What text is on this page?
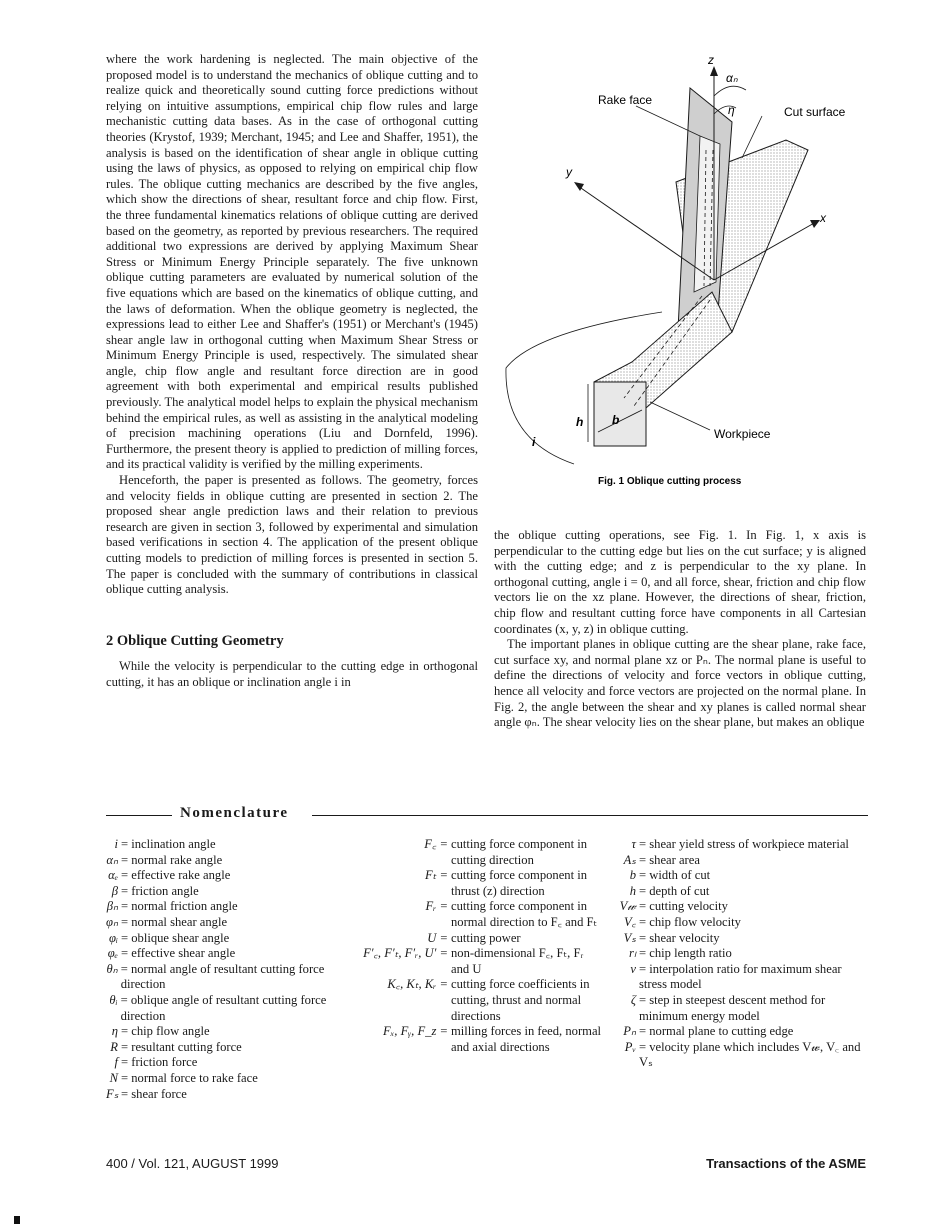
where the work hardening is neglected. The main objective of the proposed model is to understand the mechanics of oblique cutting and to realize quick and theoretically sound cutting force predictions without relying on intuitive assumptions, empirical chip flow rules and large mechanistic cutting data bases. As in the case of orthogonal cutting theories (Krystof, 1939; Merchant, 1945; and Lee and Shaffer, 1951), the analysis is based on the identification of shear angle in oblique cutting using the laws of physics, as opposed to relying on empirical chip flow rules. The oblique cutting mechanics are described by the five angles, which show the directions of shear, resultant force and chip flow. First, the three fundamental kinematics relations of oblique cutting are derived based on the geometry, as reported by previous researchers. The required additional two expressions are derived by applying Maximum Shear Stress or Minimum Energy Principle separately. The five unknown oblique cutting parameters are evaluated by numerical solution of the five equations which are based on the kinematics of oblique cutting, and the laws of deformation. When the oblique geometry is neglected, the expressions lead to either Lee and Shaffer's (1951) or Merchant's (1945) shear angle law in orthogonal cutting when Maximum Shear Stress or Minimum Energy Principle is used, respectively. The simulated shear angle, chip flow angle and resultant force direction are in good agreement with both experimental and empirical results published previously. The analytical model helps to explain the physical mechanism behind the empirical rules, as well as assisting in the analytical modeling of precision machining operations (Liu and Dornfeld, 1996). Furthermore, the present theory is applied to prediction of milling forces, and its practical validity is verified by the milling experiments.

Henceforth, the paper is presented as follows. The geometry, forces and velocity fields in oblique cutting are presented in section 2. The proposed shear angle prediction laws and their relation to previous research are given in section 3, followed by experimental and simulation based verifications in section 4. The application of the present oblique cutting models to prediction of milling forces is presented in section 5. The paper is concluded with the summary of contributions in classical oblique cutting analysis.

2 Oblique Cutting Geometry

While the velocity is perpendicular to the cutting edge in orthogonal cutting, it has an oblique or inclination angle i in

z
αₙ
Rake face
η	Cut surface
y
x
Workpiece
i
h b
Fig. 1 Oblique cutting process

the oblique cutting operations, see Fig. 1. In Fig. 1, x axis is perpendicular to the cutting edge but lies on the cut surface; y is aligned with the cutting edge; and z is perpendicular to the xy plane. In orthogonal cutting, angle i = 0, and all force, shear, friction and chip flow vectors lie on the xz plane. However, the directions of shear, friction, chip flow and resultant cutting force have components in all Cartesian coordinates (x, y, z) in oblique cutting.

The important planes in oblique cutting are the shear plane, rake face, cut surface xy, and normal plane xz or Pₙ. The normal plane is useful to define the directions of velocity and force vectors in oblique cutting, hence all velocity and force vectors are projected on the normal plane. In Fig. 2, the angle between the shear and xy planes is called normal shear angle φₙ. The shear velocity lies on the shear plane, but makes an oblique

Nomenclature
i = inclination angle
αₙ = normal rake angle
αₑ = effective rake angle
β = friction angle
βₙ = normal friction angle
φₙ = normal shear angle
φᵢ = oblique shear angle
φₑ = effective shear angle
θₙ = normal angle of resultant cutting force direction
θᵢ = oblique angle of resultant cutting force direction
η = chip flow angle
R = resultant cutting force
f = friction force
N = normal force to rake face
Fₛ = shear force
F꜀ = cutting force component in cutting direction
Fₜ = cutting force component in thrust (z) direction
Fᵣ = cutting force component in normal direction to F꜀ and Fₜ
U = cutting power
F′꜀, F′ₜ, F′ᵣ, U′ = non-dimensional F꜀, Fₜ, Fᵣ and U
K꜀, Kₜ, Kᵣ = cutting force coefficients in cutting, thrust and normal directions
Fₓ, Fᵧ, F_z = milling forces in feed, normal and axial directions
τ = shear yield stress of workpiece material
Aₛ = shear area
b = width of cut
h = depth of cut
V𝓌 = cutting velocity
V꜀ = chip flow velocity
Vₛ = shear velocity
rₗ = chip length ratio
ν = interpolation ratio for maximum shear stress model
ζ = step in steepest descent method for minimum energy model
Pₙ = normal plane to cutting edge
Pᵥ = velocity plane which includes V𝓌, V꜀ and Vₛ
400 / Vol. 121, AUGUST 1999	Transactions of the ASME
